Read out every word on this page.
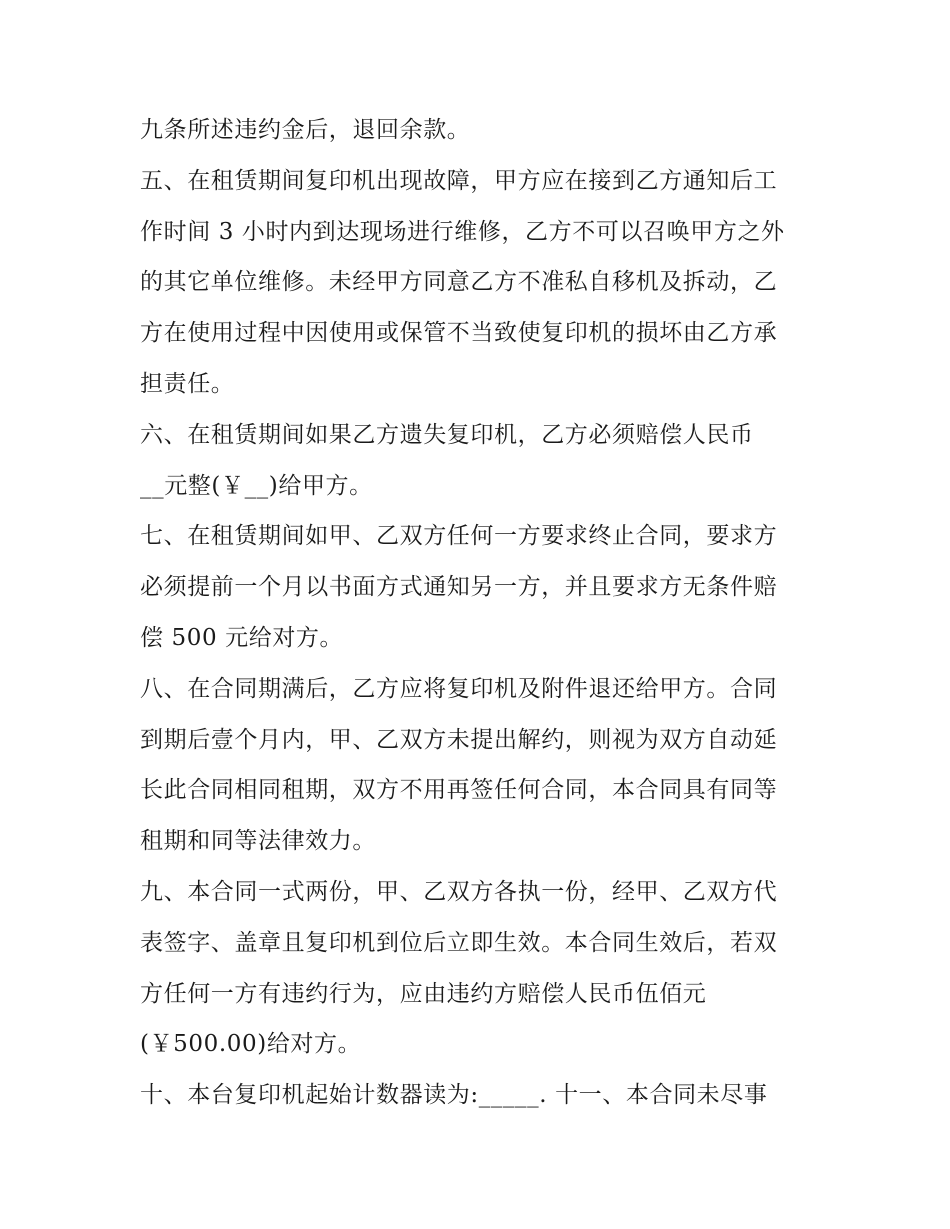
九条所述违约金后，退回余款。
五、在租赁期间复印机出现故障，甲方应在接到乙方通知后工
作时间 3 小时内到达现场进行维修，乙方不可以召唤甲方之外
的其它单位维修。未经甲方同意乙方不准私自移机及拆动，乙
方在使用过程中因使用或保管不当致使复印机的损坏由乙方承
担责任。
六、在租赁期间如果乙方遗失复印机，乙方必须赔偿人民币
__元整(￥__)给甲方。
七、在租赁期间如甲、乙双方任何一方要求终止合同，要求方
必须提前一个月以书面方式通知另一方，并且要求方无条件赔
偿 500 元给对方。
八、在合同期满后，乙方应将复印机及附件退还给甲方。合同
到期后壹个月内，甲、乙双方未提出解约，则视为双方自动延
长此合同相同租期，双方不用再签任何合同，本合同具有同等
租期和同等法律效力。
九、本合同一式两份，甲、乙双方各执一份，经甲、乙双方代
表签字、盖章且复印机到位后立即生效。本合同生效后，若双
方任何一方有违约行为，应由违约方赔偿人民币伍佰元
(￥500.00)给对方。
十、本台复印机起始计数器读为:_____. 十一、本合同未尽事
